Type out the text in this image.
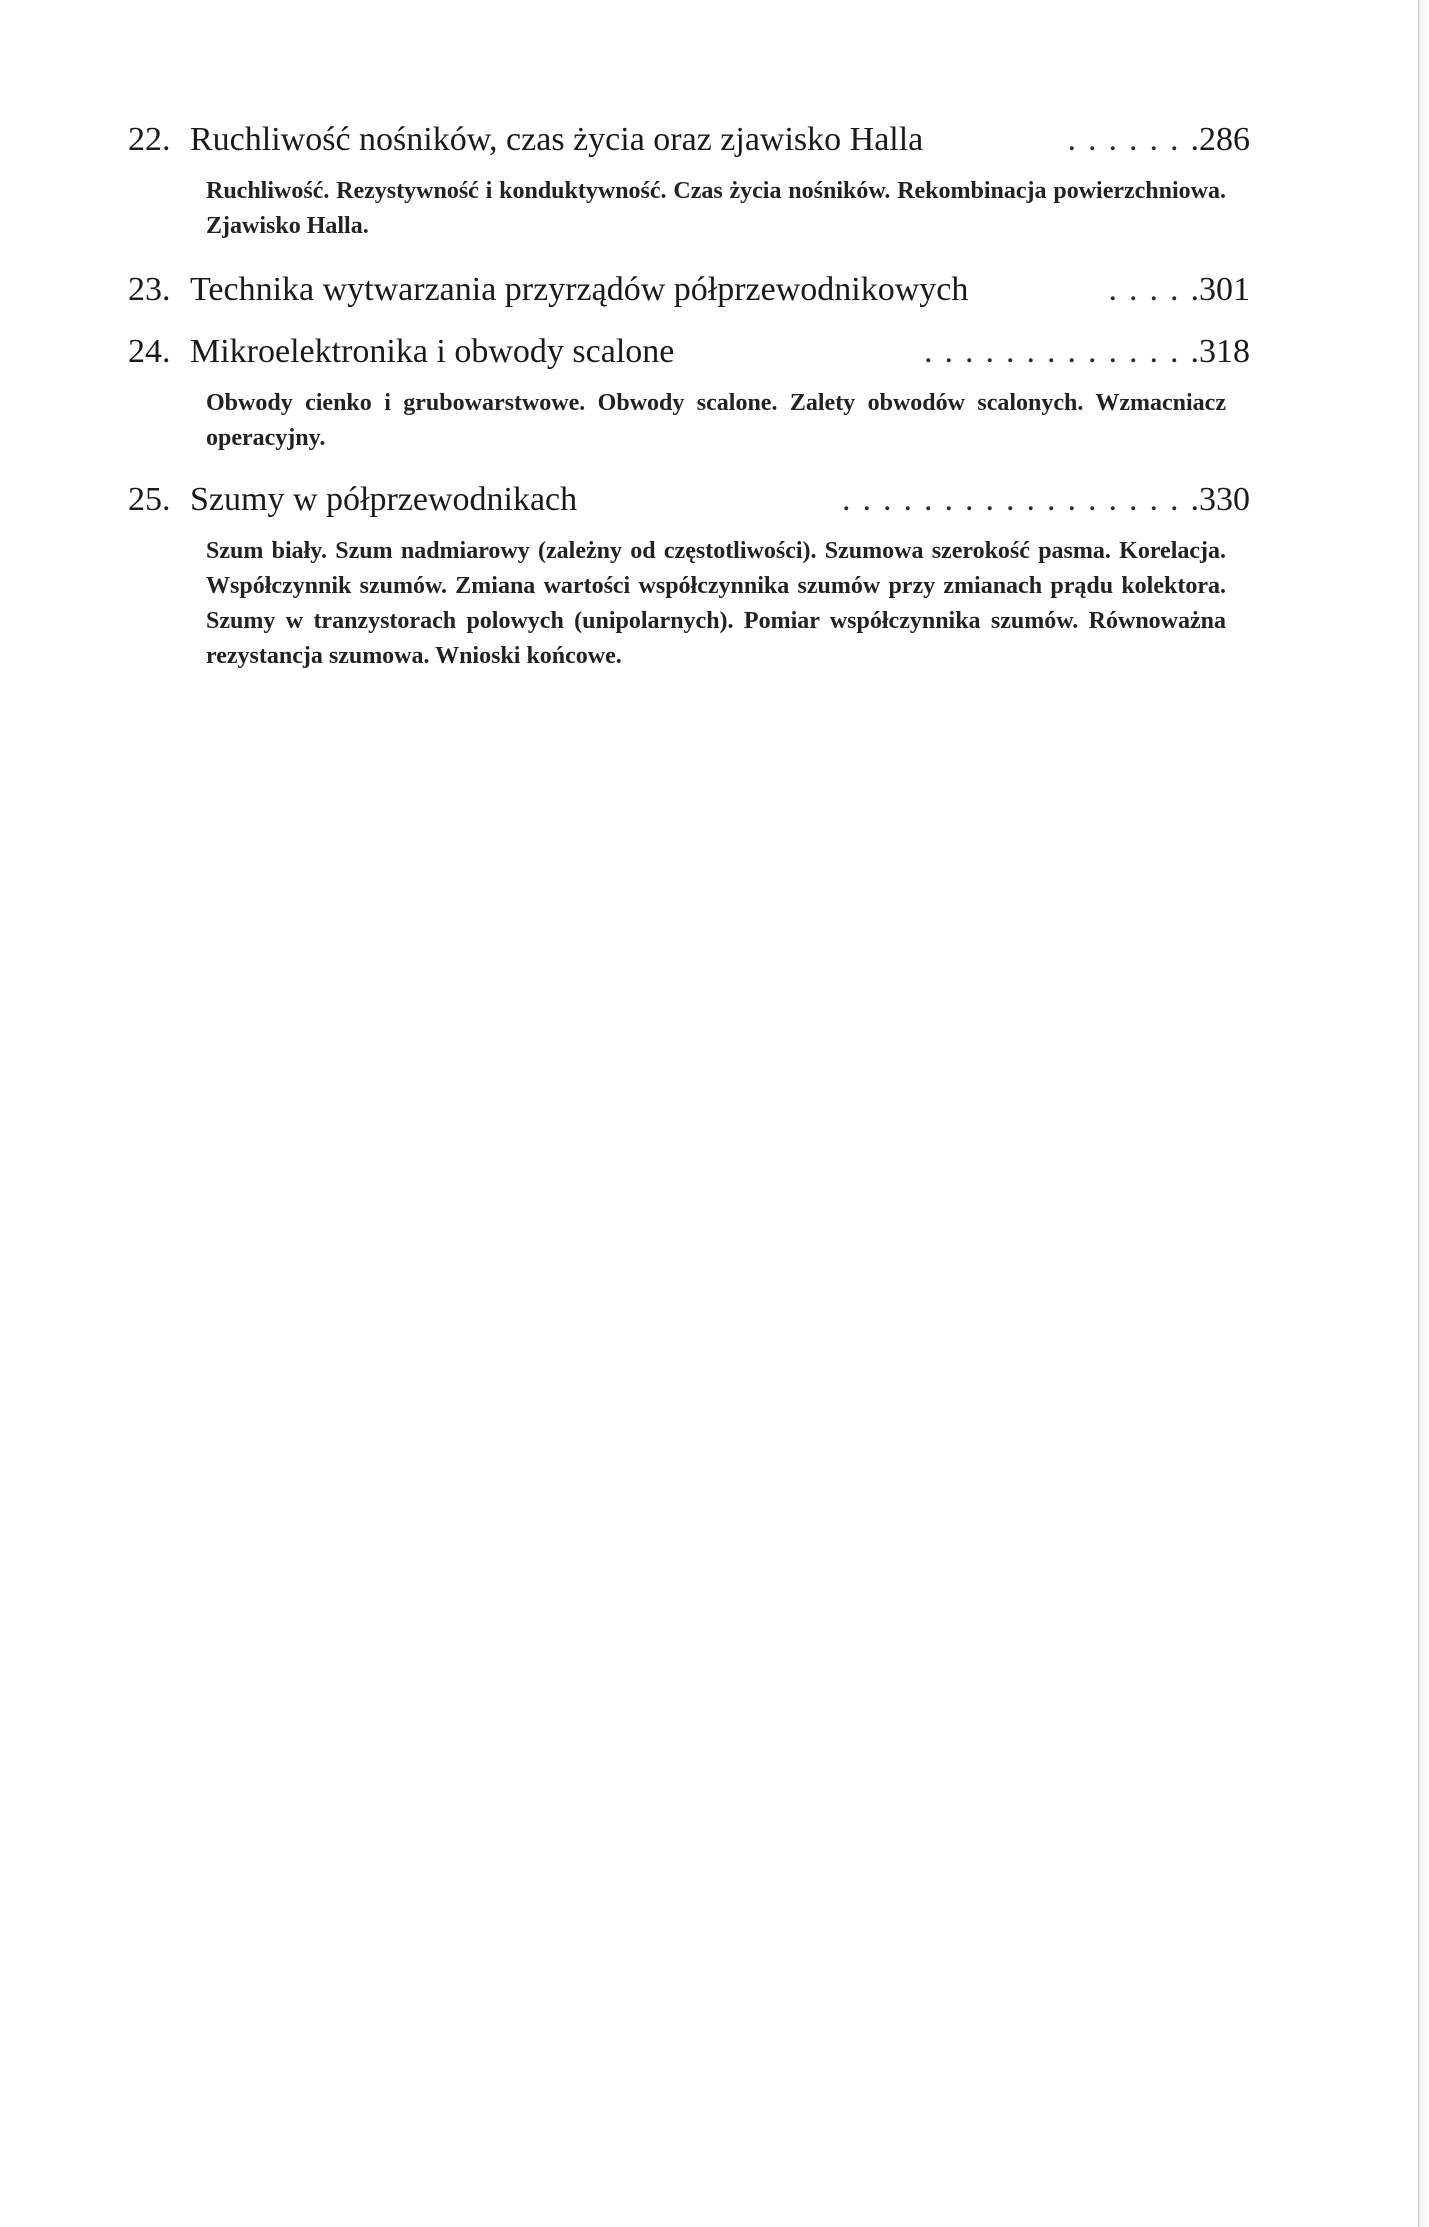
22. Ruchliwość nośników, czas życia oraz zjawisko Halla	...... .286

Ruchliwość. Rezystywność i konduktywność. Czas życia nośników. Rekombinacja powierzchniowa. Zjawisko Halla.

23. Technika wytwarzania przyrządów półprzewodnikowych	.... .301
24. Mikroelektronika i obwody scalone	............. .318

Obwody cienko i grubowarstwowe. Obwody scalone. Zalety obwodów scalonych. Wzmacniacz operacyjny.

25. Szumy w półprzewodnikach	................. .330

Szum biały. Szum nadmiarowy (zależny od częstotliwości). Szumowa szerokość pasma. Korelacja. Współczynnik szumów. Zmiana wartości współczynnika szumów przy zmianach prądu kolektora. Szumy w tranzystorach polowych (unipolarnych). Pomiar współczynnika szumów. Równoważna rezystancja szumowa. Wnioski końcowe.
